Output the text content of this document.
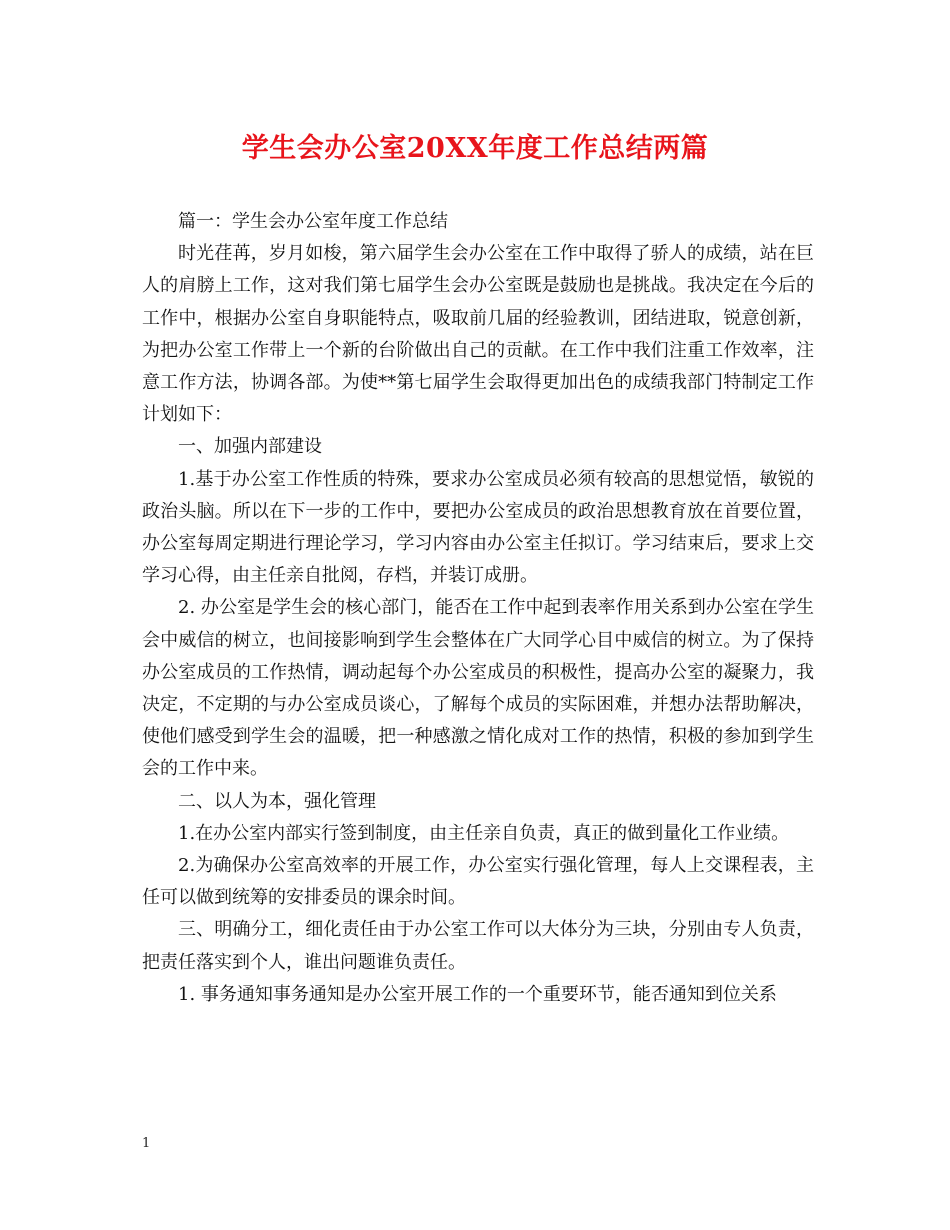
学生会办公室20XX年度工作总结两篇

篇一：学生会办公室年度工作总结

时光荏苒，岁月如梭，第六届学生会办公室在工作中取得了骄人的成绩，站在巨人的肩膀上工作，这对我们第七届学生会办公室既是鼓励也是挑战。我决定在今后的工作中，根据办公室自身职能特点，吸取前几届的经验教训，团结进取，锐意创新，为把办公室工作带上一个新的台阶做出自己的贡献。在工作中我们注重工作效率，注意工作方法，协调各部。为使**第七届学生会取得更加出色的成绩我部门特制定工作计划如下：

一、加强内部建设

1.基于办公室工作性质的特殊，要求办公室成员必须有较高的思想觉悟，敏锐的政治头脑。所以在下一步的工作中，要把办公室成员的政治思想教育放在首要位置，办公室每周定期进行理论学习，学习内容由办公室主任拟订。学习结束后，要求上交学习心得，由主任亲自批阅，存档，并装订成册。

2. 办公室是学生会的核心部门，能否在工作中起到表率作用关系到办公室在学生会中威信的树立，也间接影响到学生会整体在广大同学心目中威信的树立。为了保持办公室成员的工作热情，调动起每个办公室成员的积极性，提高办公室的凝聚力，我决定，不定期的与办公室成员谈心，了解每个成员的实际困难，并想办法帮助解决，使他们感受到学生会的温暖，把一种感激之情化成对工作的热情，积极的参加到学生会的工作中来。

二、以人为本，强化管理

1.在办公室内部实行签到制度，由主任亲自负责，真正的做到量化工作业绩。

2.为确保办公室高效率的开展工作，办公室实行强化管理，每人上交课程表，主任可以做到统筹的安排委员的课余时间。

三、明确分工，细化责任由于办公室工作可以大体分为三块，分别由专人负责，把责任落实到个人，谁出问题谁负责任。

1. 事务通知事务通知是办公室开展工作的一个重要环节，能否通知到位关系

1
